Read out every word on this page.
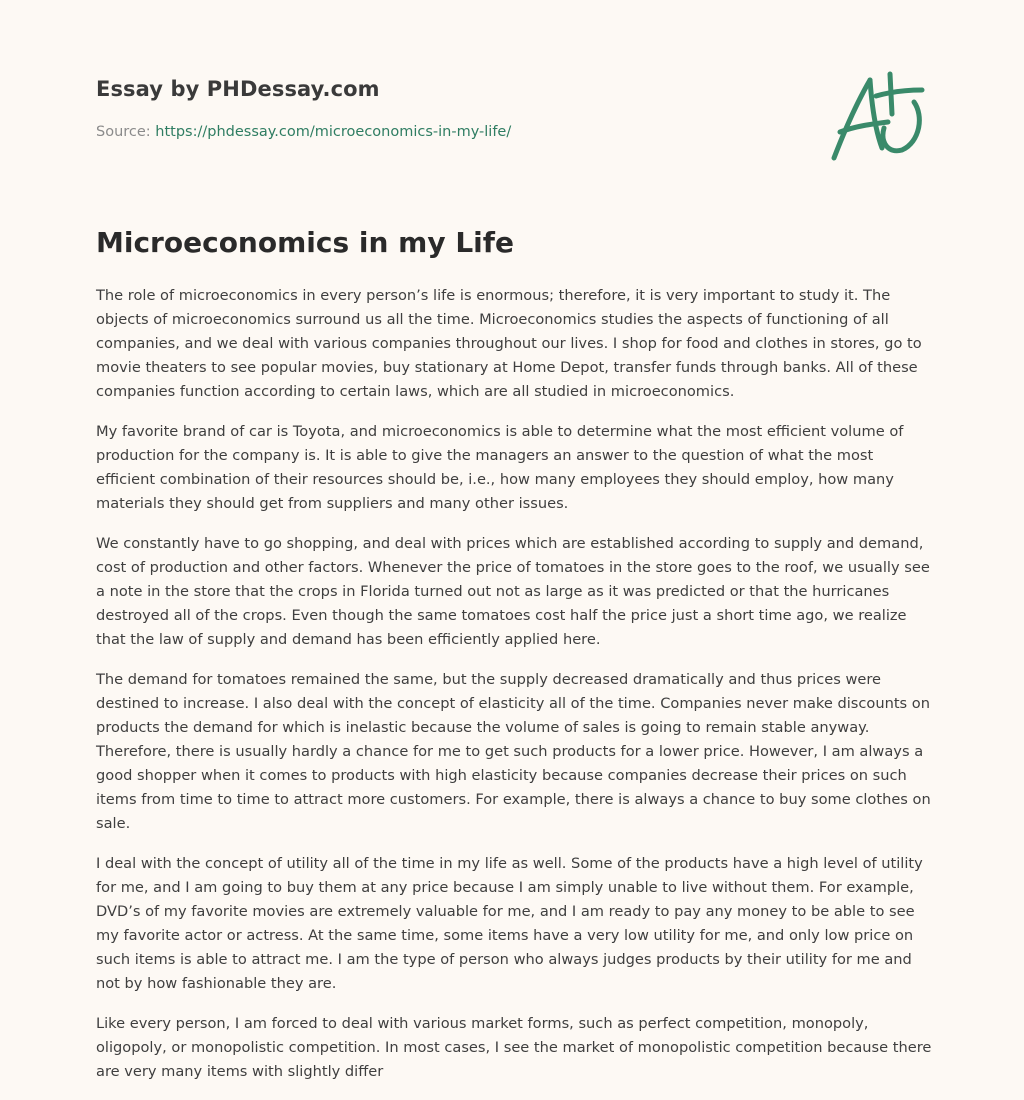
Essay by PHDessay.com
Source: https://phdessay.com/microeconomics-in-my-life/
Microeconomics in my Life

The role of microeconomics in every person’s life is enormous; therefore, it is very important to study it. The objects of microeconomics surround us all the time. Microeconomics studies the aspects of functioning of all companies, and we deal with various companies throughout our lives. I shop for food and clothes in stores, go to movie theaters to see popular movies, buy stationary at Home Depot, transfer funds through banks. All of these companies function according to certain laws, which are all studied in microeconomics.

My favorite brand of car is Toyota, and microeconomics is able to determine what the most efficient volume of production for the company is. It is able to give the managers an answer to the question of what the most efficient combination of their resources should be, i.e., how many employees they should employ, how many materials they should get from suppliers and many other issues.

We constantly have to go shopping, and deal with prices which are established according to supply and demand, cost of production and other factors. Whenever the price of tomatoes in the store goes to the roof, we usually see a note in the store that the crops in Florida turned out not as large as it was predicted or that the hurricanes destroyed all of the crops. Even though the same tomatoes cost half the price just a short time ago, we realize that the law of supply and demand has been efficiently applied here.

The demand for tomatoes remained the same, but the supply decreased dramatically and thus prices were destined to increase. I also deal with the concept of elasticity all of the time. Companies never make discounts on products the demand for which is inelastic because the volume of sales is going to remain stable anyway. Therefore, there is usually hardly a chance for me to get such products for a lower price. However, I am always a good shopper when it comes to products with high elasticity because companies decrease their prices on such items from time to time to attract more customers. For example, there is always a chance to buy some clothes on sale.

I deal with the concept of utility all of the time in my life as well. Some of the products have a high level of utility for me, and I am going to buy them at any price because I am simply unable to live without them. For example, DVD’s of my favorite movies are extremely valuable for me, and I am ready to pay any money to be able to see my favorite actor or actress. At the same time, some items have a very low utility for me, and only low price on such items is able to attract me. I am the type of person who always judges products by their utility for me and not by how fashionable they are.

Like every person, I am forced to deal with various market forms, such as perfect competition, monopoly, oligopoly, or monopolistic competition. In most cases, I see the market of monopolistic competition because there are very many items with slightly differ
